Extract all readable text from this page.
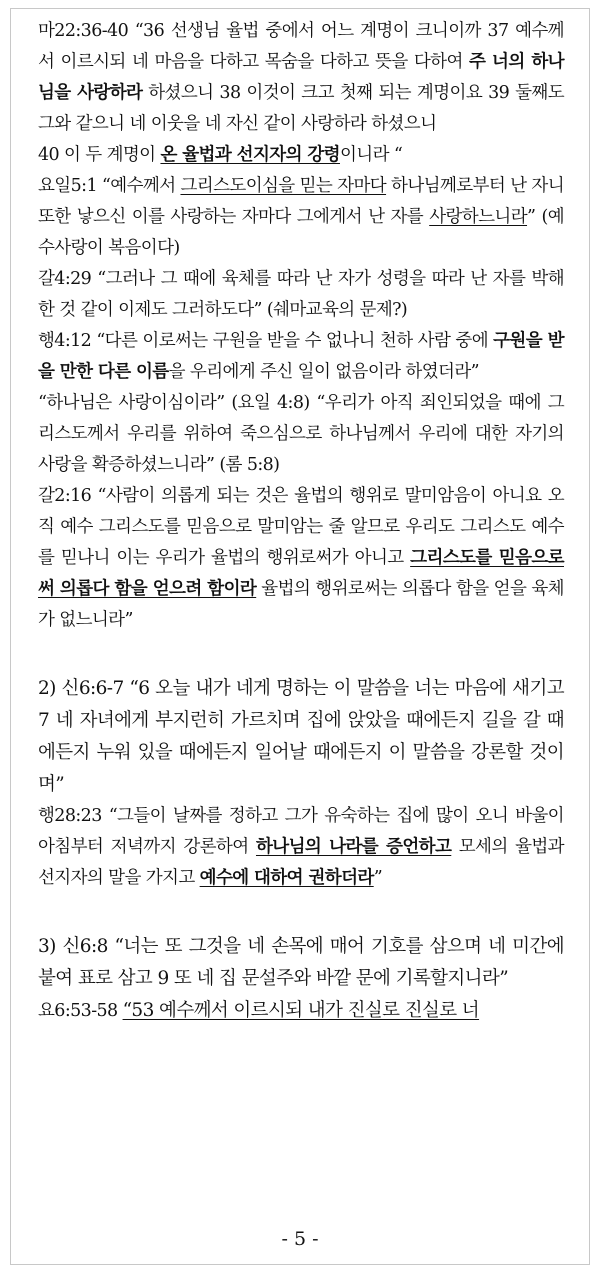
마22:36-40 “36 선생님 율법 중에서 어느 계명이 크니이까 37 예수께서 이르시되 네 마음을 다하고 목숨을 다하고 뜻을 다하여 주 너의 하나님을 사랑하라 하셨으니 38 이것이 크고 첫째 되는 계명이요 39 둘째도 그와 같으니 네 이웃을 네 자신 같이 사랑하라 하셨으니

40 이 두 계명이 온 율법과 선지자의 강령이니라 “

요일5:1 “예수께서 그리스도이심을 믿는 자마다 하나님께로부터 난 자니 또한 낳으신 이를 사랑하는 자마다 그에게서 난 자를 사랑하느니라” (예수사랑이 복음이다)

갈4:29 “그러나 그 때에 육체를 따라 난 자가 성령을 따라 난 자를 박해한 것 같이 이제도 그러하도다” (쉐마교육의 문제?)

행4:12 “다른 이로써는 구원을 받을 수 없나니 천하 사람 중에 구원을 받을 만한 다른 이름을 우리에게 주신 일이 없음이라 하였더라”

“하나님은 사랑이심이라” (요일 4:8) “우리가 아직 죄인되었을 때에 그리스도께서 우리를 위하여 죽으심으로 하나님께서 우리에 대한 자기의 사랑을 확증하셨느니라” (롬 5:8)

갈2:16 “사람이 의롭게 되는 것은 율법의 행위로 말미암음이 아니요 오직 예수 그리스도를 믿음으로 말미암는 줄 알므로 우리도 그리스도 예수를 믿나니 이는 우리가 율법의 행위로써가 아니고 그리스도를 믿음으로써 의롭다 함을 얻으려 함이라 율법의 행위로써는 의롭다 함을 얻을 육체가 없느니라”

2) 신6:6-7 “6 오늘 내가 네게 명하는 이 말씀을 너는 마음에 새기고 7 네 자녀에게 부지런히 가르치며 집에 앉았을 때에든지 길을 갈 때에든지 누워 있을 때에든지 일어날 때에든지 이 말씀을 강론할 것이며”

행28:23 “그들이 날짜를 정하고 그가 유숙하는 집에 많이 오니 바울이 아침부터 저녁까지 강론하여 하나님의 나라를 증언하고 모세의 율법과 선지자의 말을 가지고 예수에 대하여 권하더라”

3) 신6:8 “너는 또 그것을 네 손목에 매어 기호를 삼으며 네 미간에 붙여 표로 삼고 9 또 네 집 문설주와 바깥 문에 기록할지니라”

요6:53-58 “53 예수께서 이르시되 내가 진실로 진실로 너

- 5 -
